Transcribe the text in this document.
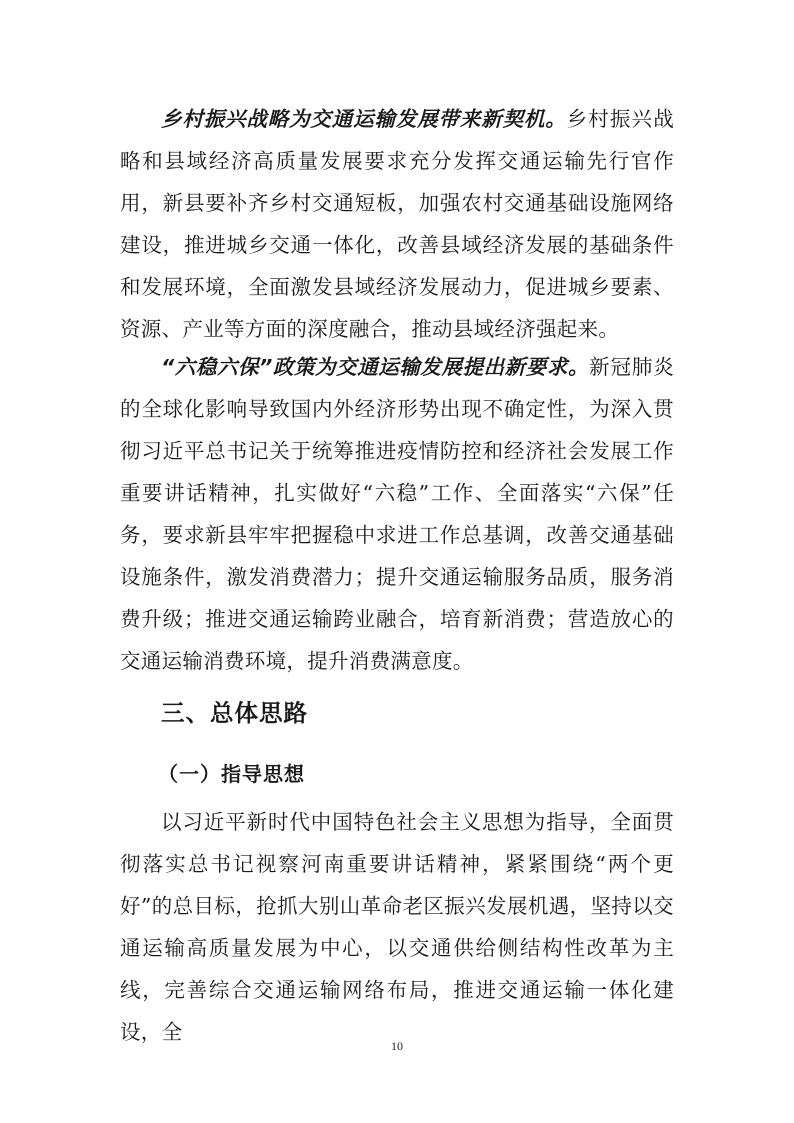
乡村振兴战略为交通运输发展带来新契机。乡村振兴战略和县域经济高质量发展要求充分发挥交通运输先行官作用，新县要补齐乡村交通短板，加强农村交通基础设施网络建设，推进城乡交通一体化，改善县域经济发展的基础条件和发展环境，全面激发县域经济发展动力，促进城乡要素、资源、产业等方面的深度融合，推动县域经济强起来。

“六稳六保”政策为交通运输发展提出新要求。新冠肺炎的全球化影响导致国内外经济形势出现不确定性，为深入贯彻习近平总书记关于统筹推进疫情防控和经济社会发展工作重要讲话精神，扎实做好“六稳”工作、全面落实“六保”任务，要求新县牢牢把握稳中求进工作总基调，改善交通基础设施条件，激发消费潜力；提升交通运输服务品质，服务消费升级；推进交通运输跨业融合，培育新消费；营造放心的交通运输消费环境，提升消费满意度。

三、总体思路
（一）指导思想

以习近平新时代中国特色社会主义思想为指导，全面贯彻落实总书记视察河南重要讲话精神，紧紧围绕“两个更好”的总目标，抢抓大别山革命老区振兴发展机遇，坚持以交通运输高质量发展为中心，以交通供给侧结构性改革为主线，完善综合交通运输网络布局，推进交通运输一体化建设，全

10
